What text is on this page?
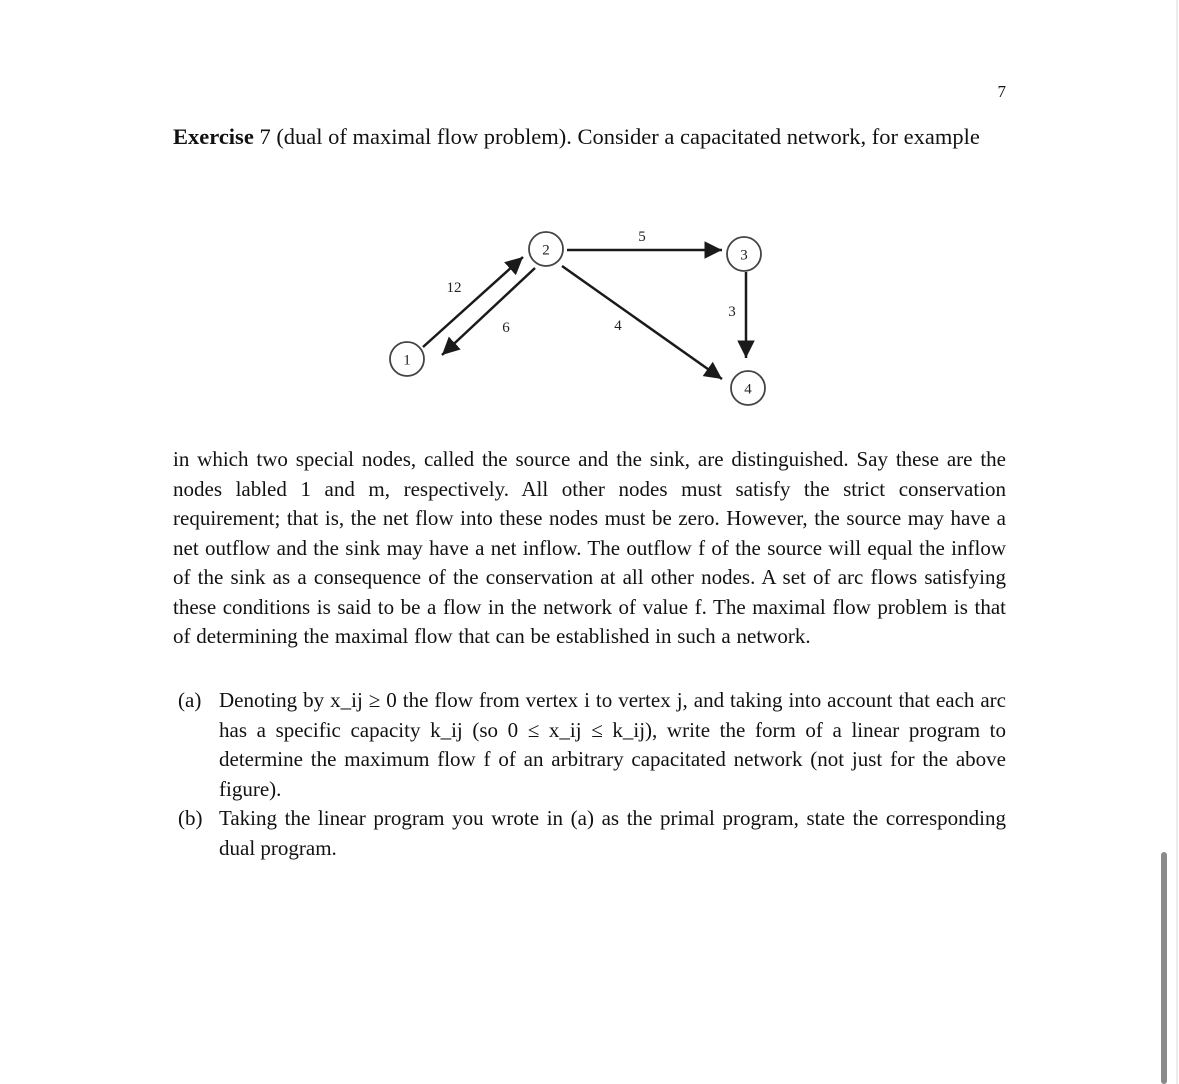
7
Exercise 7 (dual of maximal flow problem). Consider a capacitated network, for example
1
2	3
4
12
6
5
4
3

in which two special nodes, called the source and the sink, are distinguished. Say these are the nodes labled 1 and m, respectively. All other nodes must satisfy the strict conservation requirement; that is, the net flow into these nodes must be zero. However, the source may have a net outflow and the sink may have a net inflow. The outflow f of the source will equal the inflow of the sink as a consequence of the conservation at all other nodes. A set of arc flows satisfying these conditions is said to be a flow in the network of value f. The maximal flow problem is that of determining the maximal flow that can be established in such a network.

(a) Denoting by x_ij ≥ 0 the flow from vertex i to vertex j, and taking into account that each arc has a specific capacity k_ij (so 0 ≤ x_ij ≤ k_ij), write the form of a linear program to determine the maximum flow f of an arbitrary capacitated network (not just for the above figure).
(b) Taking the linear program you wrote in (a) as the primal program, state the corresponding dual program.
